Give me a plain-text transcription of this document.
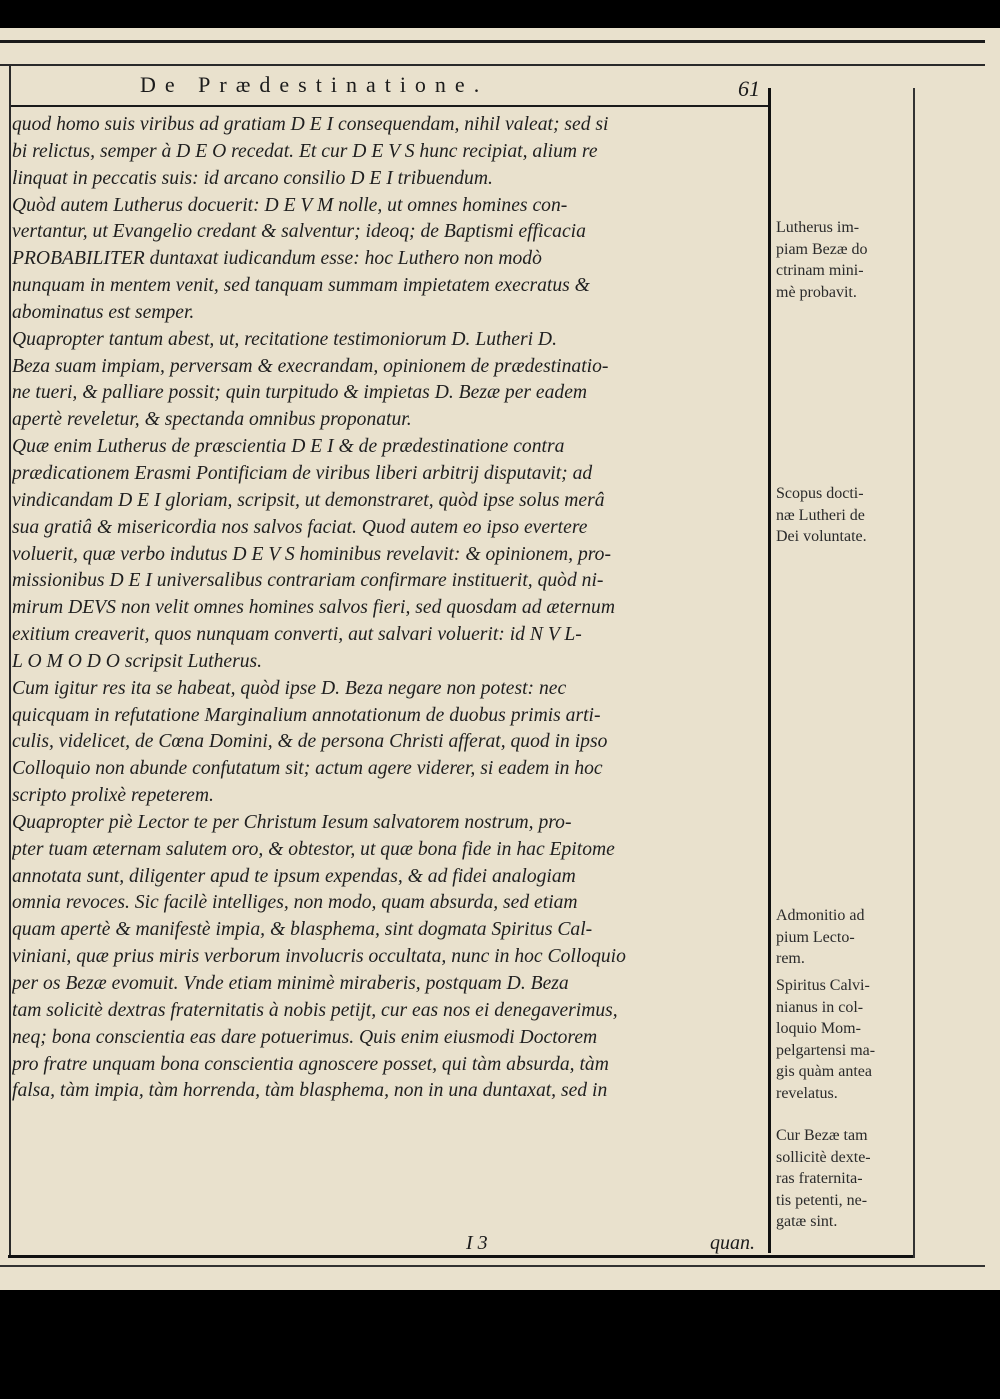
De Prædestinatione.	61
quod homo suis viribus ad gratiam D E I consequendam, nihil valeat; sed si
bi relictus, semper à D E O recedat. Et cur D E V S hunc recipiat, alium re
linquat in peccatis suis: id arcano consilio D E I tribuendum.
Quòd autem Lutherus docuerit: D E V M nolle, ut omnes homines con-
vertantur, ut Evangelio credant & salventur; ideoq; de Baptismi efficacia
PROBABILITER duntaxat iudicandum esse: hoc Luthero non modò
nunquam in mentem venit, sed tanquam summam impietatem execratus &
abominatus est semper.
Quapropter tantum abest, ut, recitatione testimoniorum D. Lutheri D.
Beza suam impiam, perversam & execrandam, opinionem de prædestinatio-
ne tueri, & palliare possit; quin turpitudo & impietas D. Bezæ per eadem
apertè reveletur, & spectanda omnibus proponatur.
Quæ enim Lutherus de præscientia D E I & de prædestinatione contra
prædicationem Erasmi Pontificiam de viribus liberi arbitrij disputavit; ad
vindicandam D E I gloriam, scripsit, ut demonstraret, quòd ipse solus merâ
sua gratiâ & misericordia nos salvos faciat. Quod autem eo ipso evertere
voluerit, quæ verbo indutus D E V S hominibus revelavit: & opinionem, pro-
missionibus D E I universalibus contrariam confirmare instituerit, quòd ni-
mirum DEVS non velit omnes homines salvos fieri, sed quosdam ad æternum
exitium creaverit, quos nunquam converti, aut salvari voluerit: id N V L-
L O M O D O scripsit Lutherus.
Cum igitur res ita se habeat, quòd ipse D. Beza negare non potest: nec
quicquam in refutatione Marginalium annotationum de duobus primis arti-
culis, videlicet, de Cœna Domini, & de persona Christi afferat, quod in ipso
Colloquio non abunde confutatum sit; actum agere viderer, si eadem in hoc
scripto prolixè repeterem.
Quapropter piè Lector te per Christum Iesum salvatorem nostrum, pro-
pter tuam æternam salutem oro, & obtestor, ut quæ bona fide in hac Epitome
annotata sunt, diligenter apud te ipsum expendas, & ad fidei analogiam
omnia revoces. Sic facilè intelliges, non modo, quam absurda, sed etiam
quam apertè & manifestè impia, & blasphema, sint dogmata Spiritus Cal-
viniani, quæ prius miris verborum involucris occultata, nunc in hoc Colloquio
per os Bezæ evomuit. Vnde etiam minimè miraberis, postquam D. Beza
tam solicitè dextras fraternitatis à nobis petijt, cur eas nos ei denegaverimus,
neq; bona conscientia eas dare potuerimus. Quis enim eiusmodi Doctorem
pro fratre unquam bona conscientia agnoscere posset, qui tàm absurda, tàm
falsa, tàm impia, tàm horrenda, tàm blasphema, non in una duntaxat, sed in
Lutherus im-
piam Bezæ do
ctrinam mini-
mè probavit.
Scopus docti-
næ Lutheri de
Dei voluntate.
Admonitio ad
pium Lecto-
rem.
Spiritus Calvi-
nianus in col-
loquio Mom-
pelgartensi ma-
gis quàm antea
revelatus.
Cur Bezæ tam
sollicitè dexte-
ras fraternita-
tis petenti, ne-
gatæ sint.
I 3	quan.
